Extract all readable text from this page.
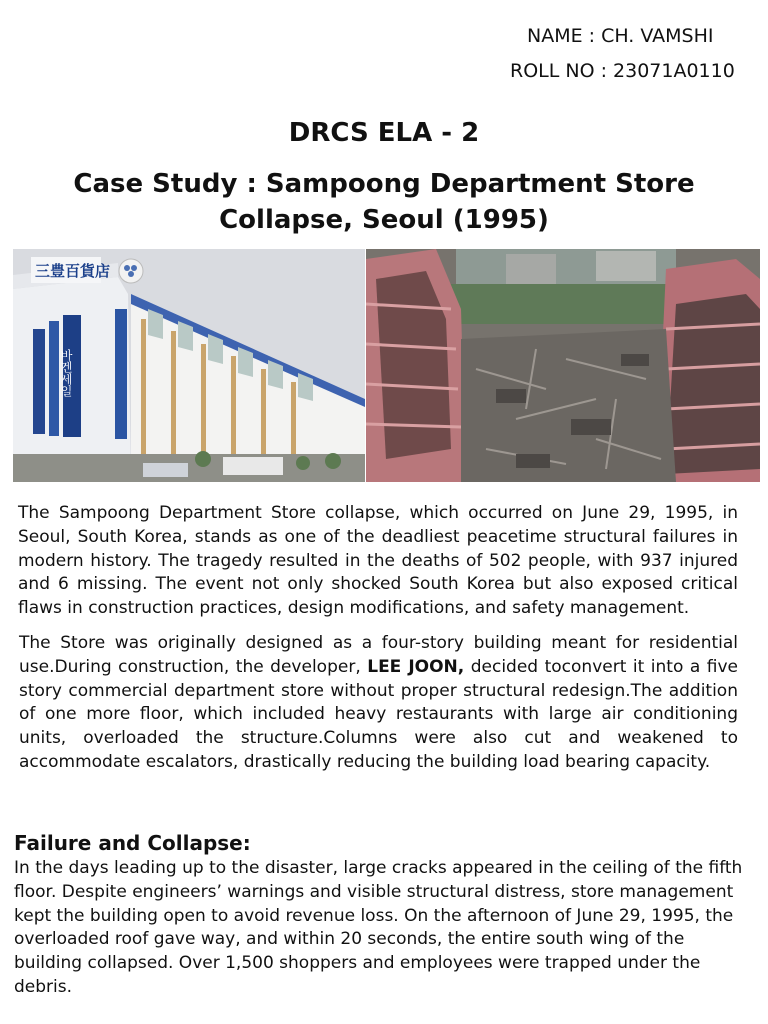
NAME : CH. VAMSHI
ROLL NO : 23071A0110
DRCS ELA - 2
Case Study : Sampoong Department Store Collapse, Seoul (1995)
三豊百貨店
바겐세일
The Sampoong Department Store collapse, which occurred on June 29, 1995, in Seoul, South Korea, stands as one of the deadliest peacetime structural failures in modern history. The tragedy resulted in the deaths of 502 people, with 937 injured and 6 missing. The event not only shocked South Korea but also exposed critical flaws in construction practices, design modifications, and safety management.
The Store was originally designed as a four-story building meant for residential use.During construction, the developer, LEE JOON, decided toconvert it into a five story commercial department store without proper structural redesign.The addition of one more floor, which included heavy restaurants with large air conditioning units, overloaded the structure.Columns were also cut and weakened to accommodate escalators, drastically reducing the building load bearing capacity.
Failure and Collapse:
In the days leading up to the disaster, large cracks appeared in the ceiling of the fifth floor. Despite engineers’ warnings and visible structural distress, store management kept the building open to avoid revenue loss. On the afternoon of June 29, 1995, the overloaded roof gave way, and within 20 seconds, the entire south wing of the building collapsed. Over 1,500 shoppers and employees were trapped under the debris.
